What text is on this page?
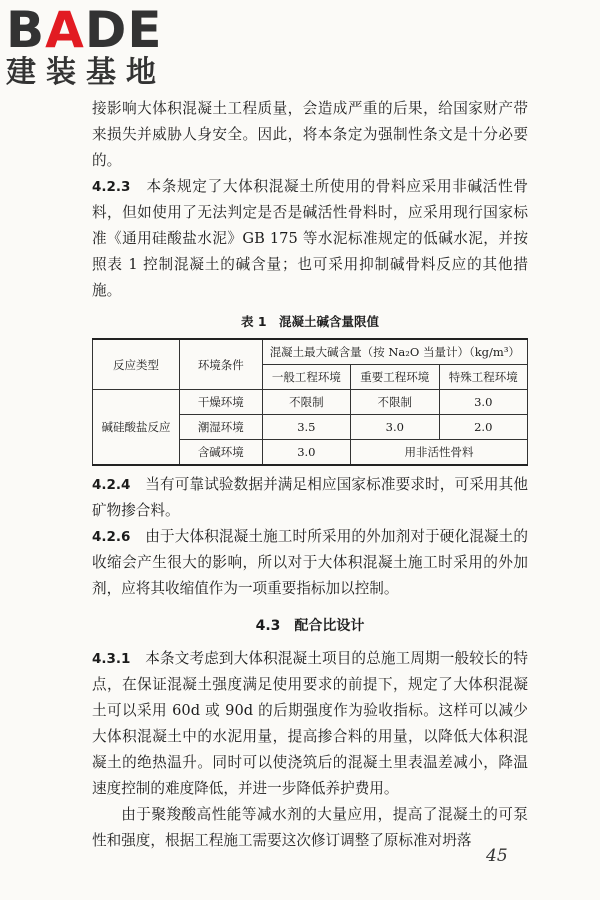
BADE
建装基地

接影响大体积混凝土工程质量，会造成严重的后果，给国家财产带来损失并威胁人身安全。因此，将本条定为强制性条文是十分必要的。

4.2.3　 本条规定了大体积混凝土所使用的骨料应采用非碱活性骨料，但如使用了无法判定是否是碱活性骨料时，应采用现行国家标准《通用硅酸盐水泥》GB 175 等水泥标准规定的低碱水泥，并按照表 1 控制混凝土的碱含量；也可采用抑制碱骨料反应的其他措施。

表 1　混凝土碱含量限值
反应类型	环境条件	混凝土最大碱含量（按 Na₂O 当量计）（kg/m³）		
		一般工程环境	重要工程环境	特殊工程环境
碱硅酸盐反应	干燥环境	不限制	不限制	3.0
	潮湿环境	3.5	3.0	2.0
	含碱环境	3.0	用非活性骨料	

4.2.4　 当有可靠试验数据并满足相应国家标准要求时，可采用其他矿物掺合料。

4.2.6　 由于大体积混凝土施工时所采用的外加剂对于硬化混凝土的收缩会产生很大的影响，所以对于大体积混凝土施工时采用的外加剂，应将其收缩值作为一项重要指标加以控制。

4.3　配合比设计

4.3.1　 本条文考虑到大体积混凝土项目的总施工周期一般较长的特点，在保证混凝土强度满足使用要求的前提下，规定了大体积混凝土可以采用 60d 或 90d 的后期强度作为验收指标。这样可以减少大体积混凝土中的水泥用量，提高掺合料的用量，以降低大体积混凝土的绝热温升。同时可以使浇筑后的混凝土里表温差减小，降温速度控制的难度降低，并进一步降低养护费用。

由于聚羧酸高性能等减水剂的大量应用，提高了混凝土的可泵性和强度，根据工程施工需要这次修订调整了原标准对坍落

45
